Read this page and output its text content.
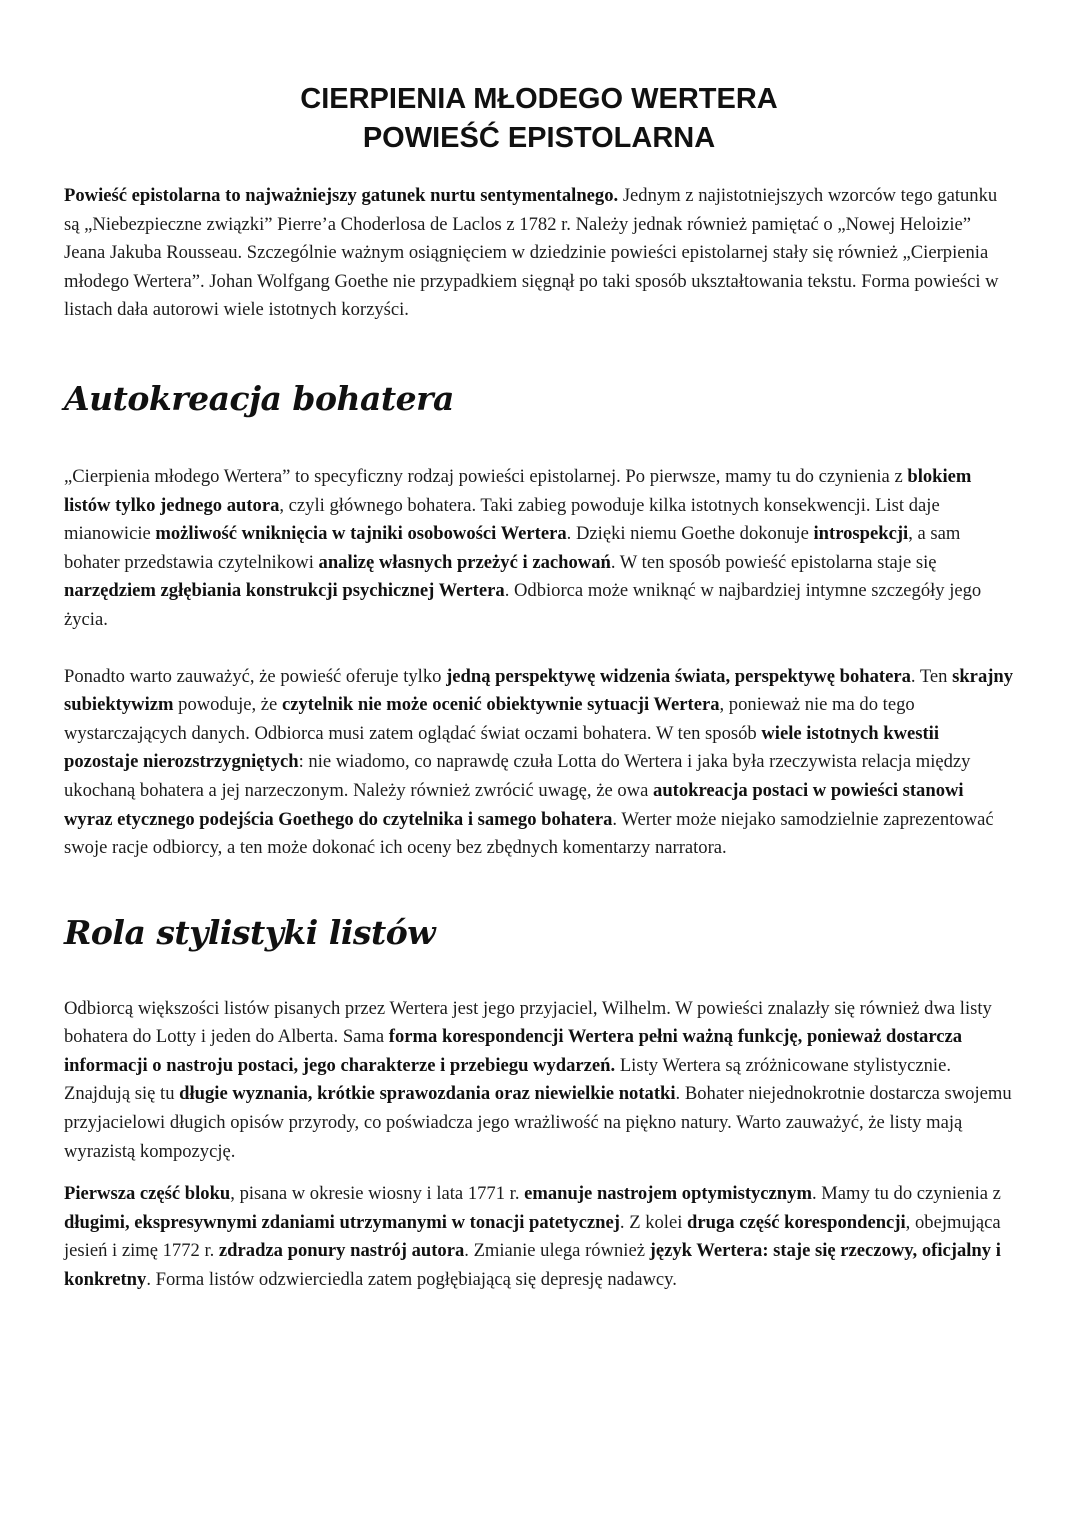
CIERPIENIA MŁODEGO WERTERA
POWIEŚĆ EPISTOLARNA

Powieść epistolarna to najważniejszy gatunek nurtu sentymentalnego. Jednym z najistotniejszych wzorców tego gatunku są „Niebezpieczne związki” Pierre’a Choderlosa de Laclos z 1782 r. Należy jednak również pamiętać o „Nowej Heloizie” Jeana Jakuba Rousseau. Szczególnie ważnym osiągnięciem w dziedzinie powieści epistolarnej stały się również „Cierpienia młodego Wertera”. Johan Wolfgang Goethe nie przypadkiem sięgnął po taki sposób ukształtowania tekstu. Forma powieści w listach dała autorowi wiele istotnych korzyści.

Autokreacja bohatera

„Cierpienia młodego Wertera” to specyficzny rodzaj powieści epistolarnej. Po pierwsze, mamy tu do czynienia z blokiem listów tylko jednego autora, czyli głównego bohatera. Taki zabieg powoduje kilka istotnych konsekwencji. List daje mianowicie możliwość wniknięcia w tajniki osobowości Wertera. Dzięki niemu Goethe dokonuje introspekcji, a sam bohater przedstawia czytelnikowi analizę własnych przeżyć i zachowań. W ten sposób powieść epistolarna staje się narzędziem zgłębiania konstrukcji psychicznej Wertera. Odbiorca może wniknąć w najbardziej intymne szczegóły jego życia.

Ponadto warto zauważyć, że powieść oferuje tylko jedną perspektywę widzenia świata, perspektywę bohatera. Ten skrajny subiektywizm powoduje, że czytelnik nie może ocenić obiektywnie sytuacji Wertera, ponieważ nie ma do tego wystarczających danych. Odbiorca musi zatem oglądać świat oczami bohatera. W ten sposób wiele istotnych kwestii pozostaje nierozstrzygniętych: nie wiadomo, co naprawdę czuła Lotta do Wertera i jaka była rzeczywista relacja między ukochaną bohatera a jej narzeczonym. Należy również zwrócić uwagę, że owa autokreacja postaci w powieści stanowi wyraz etycznego podejścia Goethego do czytelnika i samego bohatera. Werter może niejako samodzielnie zaprezentować swoje racje odbiorcy, a ten może dokonać ich oceny bez zbędnych komentarzy narratora.

Rola stylistyki listów

Odbiorcą większości listów pisanych przez Wertera jest jego przyjaciel, Wilhelm. W powieści znalazły się również dwa listy bohatera do Lotty i jeden do Alberta. Sama forma korespondencji Wertera pełni ważną funkcję, ponieważ dostarcza informacji o nastroju postaci, jego charakterze i przebiegu wydarzeń. Listy Wertera są zróżnicowane stylistycznie. Znajdują się tu długie wyznania, krótkie sprawozdania oraz niewielkie notatki. Bohater niejednokrotnie dostarcza swojemu przyjacielowi długich opisów przyrody, co poświadcza jego wrażliwość na piękno natury. Warto zauważyć, że listy mają wyrazistą kompozycję.

Pierwsza część bloku, pisana w okresie wiosny i lata 1771 r. emanuje nastrojem optymistycznym. Mamy tu do czynienia z długimi, ekspresywnymi zdaniami utrzymanymi w tonacji patetycznej. Z kolei druga część korespondencji, obejmująca jesień i zimę 1772 r. zdradza ponury nastrój autora. Zmianie ulega również język Wertera: staje się rzeczowy, oficjalny i konkretny. Forma listów odzwierciedla zatem pogłębiającą się depresję nadawcy.
